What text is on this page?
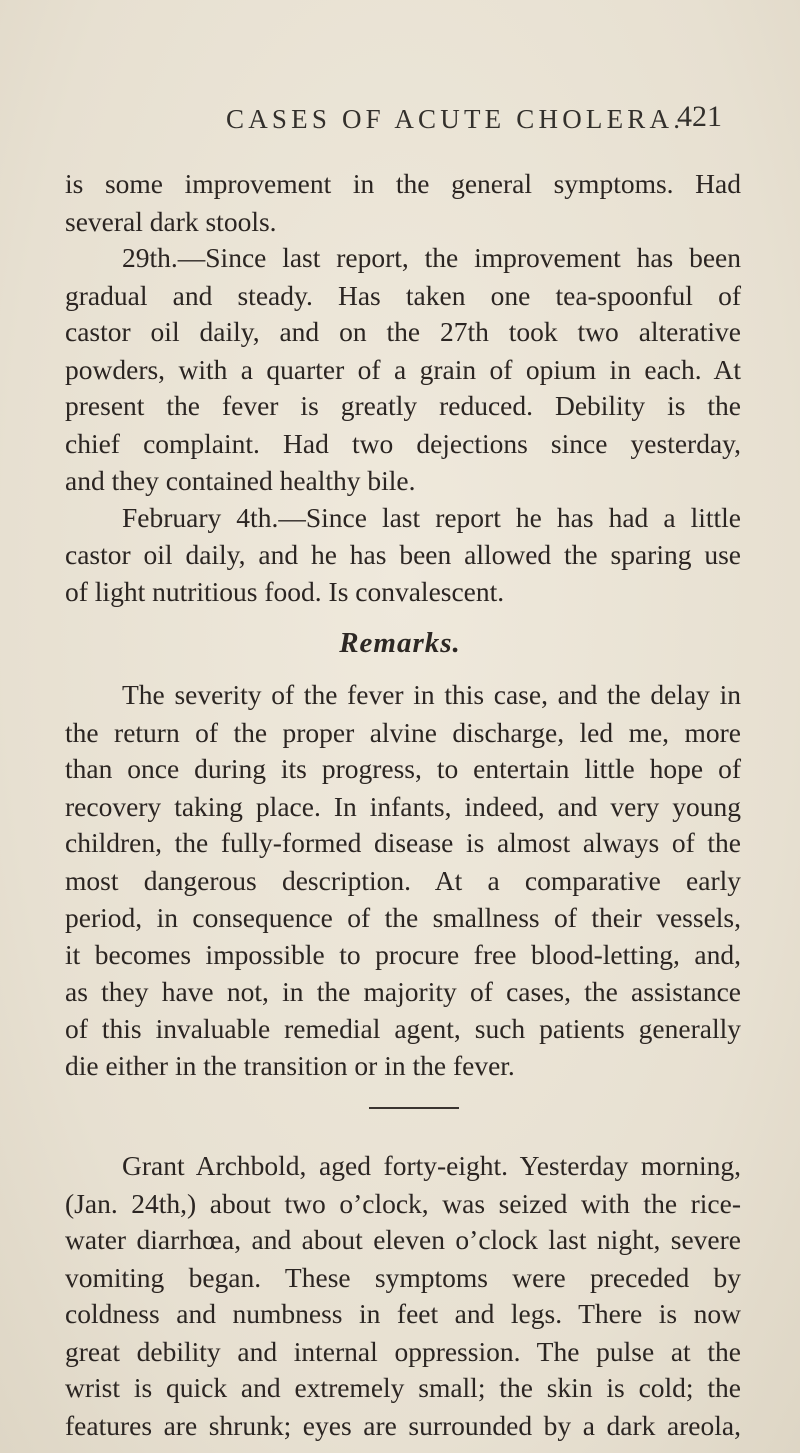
CASES OF ACUTE CHOLERA.
421
is some improvement in the general symptoms. Had
several dark stools.
29th.—Since last report, the improvement has been
gradual and steady. Has taken one tea-spoonful of
castor oil daily, and on the 27th took two alterative
powders, with a quarter of a grain of opium in each. At
present the fever is greatly reduced. Debility is the
chief complaint. Had two dejections since yesterday,
and they contained healthy bile.
February 4th.—Since last report he has had a little
castor oil daily, and he has been allowed the sparing use
of light nutritious food. Is convalescent.
The severity of the fever in this case, and the delay in
the return of the proper alvine discharge, led me, more
than once during its progress, to entertain little hope of
recovery taking place. In infants, indeed, and very young
children, the fully-formed disease is almost always of the
most dangerous description. At a comparative early
period, in consequence of the smallness of their vessels,
it becomes impossible to procure free blood-letting, and,
as they have not, in the majority of cases, the assistance
of this invaluable remedial agent, such patients generally
die either in the transition or in the fever.
Grant Archbold, aged forty-eight. Yesterday morning,
(Jan. 24th,) about two o’clock, was seized with the rice-
water diarrhœa, and about eleven o’clock last night, severe
vomiting began. These symptoms were preceded by
coldness and numbness in feet and legs. There is now
great debility and internal oppression. The pulse at the
wrist is quick and extremely small; the skin is cold; the
features are shrunk; eyes are surrounded by a dark areola,
Remarks.
